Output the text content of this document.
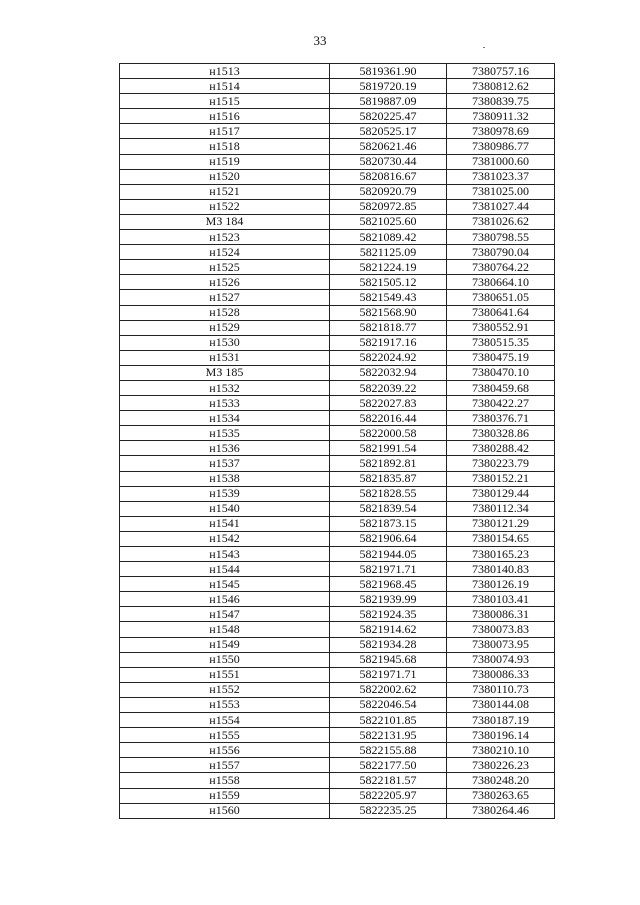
33
н1513	5819361.90	7380757.16
н1514	5819720.19	7380812.62
н1515	5819887.09	7380839.75
н1516	5820225.47	7380911.32
н1517	5820525.17	7380978.69
н1518	5820621.46	7380986.77
н1519	5820730.44	7381000.60
н1520	5820816.67	7381023.37
н1521	5820920.79	7381025.00
н1522	5820972.85	7381027.44
МЗ 184	5821025.60	7381026.62
н1523	5821089.42	7380798.55
н1524	5821125.09	7380790.04
н1525	5821224.19	7380764.22
н1526	5821505.12	7380664.10
н1527	5821549.43	7380651.05
н1528	5821568.90	7380641.64
н1529	5821818.77	7380552.91
н1530	5821917.16	7380515.35
н1531	5822024.92	7380475.19
МЗ 185	5822032.94	7380470.10
н1532	5822039.22	7380459.68
н1533	5822027.83	7380422.27
н1534	5822016.44	7380376.71
н1535	5822000.58	7380328.86
н1536	5821991.54	7380288.42
н1537	5821892.81	7380223.79
н1538	5821835.87	7380152.21
н1539	5821828.55	7380129.44
н1540	5821839.54	7380112.34
н1541	5821873.15	7380121.29
н1542	5821906.64	7380154.65
н1543	5821944.05	7380165.23
н1544	5821971.71	7380140.83
н1545	5821968.45	7380126.19
н1546	5821939.99	7380103.41
н1547	5821924.35	7380086.31
н1548	5821914.62	7380073.83
н1549	5821934.28	7380073.95
н1550	5821945.68	7380074.93
н1551	5821971.71	7380086.33
н1552	5822002.62	7380110.73
н1553	5822046.54	7380144.08
н1554	5822101.85	7380187.19
н1555	5822131.95	7380196.14
н1556	5822155.88	7380210.10
н1557	5822177.50	7380226.23
н1558	5822181.57	7380248.20
н1559	5822205.97	7380263.65
н1560	5822235.25	7380264.46
